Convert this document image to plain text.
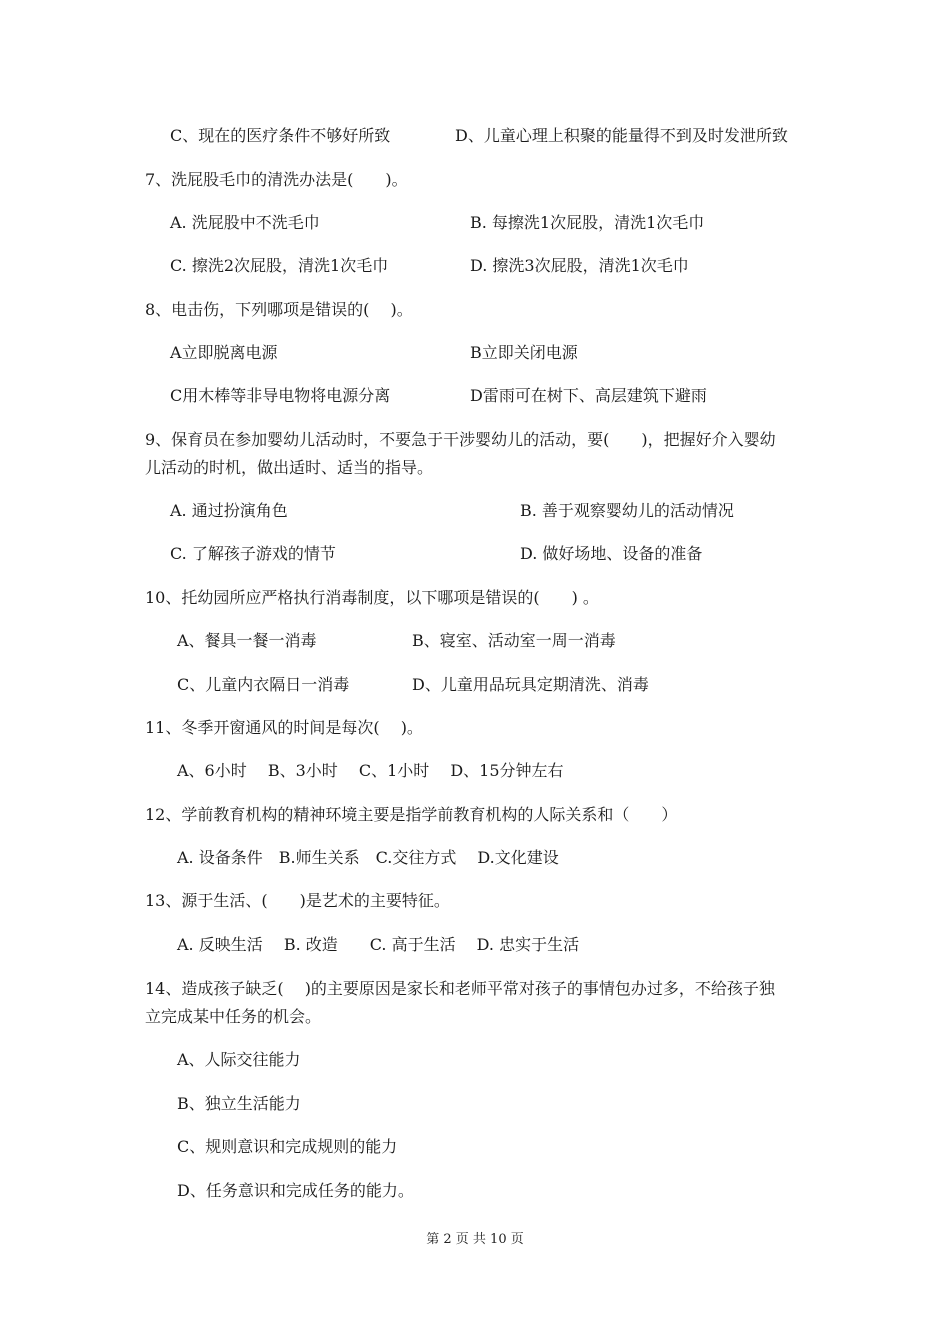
C、现在的医疗条件不够好所致	D、儿童心理上积聚的能量得不到及时发泄所致
7、洗屁股毛巾的清洗办法是(　　)。
A. 洗屁股中不洗毛巾	B. 每擦洗1次屁股，清洗1次毛巾
C. 擦洗2次屁股，清洗1次毛巾	D. 擦洗3次屁股，清洗1次毛巾
8、电击伤，下列哪项是错误的(　 )。
A立即脱离电源	B立即关闭电源
C用木棒等非导电物将电源分离	D雷雨可在树下、高层建筑下避雨
9、保育员在参加婴幼儿活动时，不要急于干涉婴幼儿的活动，要(　　)，把握好介入婴幼
儿活动的时机，做出适时、适当的指导。
A. 通过扮演角色	B. 善于观察婴幼儿的活动情况
C. 了解孩子游戏的情节	D. 做好场地、设备的准备
10、托幼园所应严格执行消毒制度，以下哪项是错误的(　　) 。
A、餐具一餐一消毒	B、寝室、活动室一周一消毒
C、儿童内衣隔日一消毒	D、儿童用品玩具定期清洗、消毒
11、冬季开窗通风的时间是每次(　 )。
A、6小时　 B、3小时　 C、1小时　 D、15分钟左右
12、学前教育机构的精神环境主要是指学前教育机构的人际关系和（　　）
A. 设备条件　B.师生关系　C.交往方式　 D.文化建设
13、源于生活、(　　)是艺术的主要特征。
A. 反映生活　 B. 改造　　C. 高于生活　 D. 忠实于生活
14、造成孩子缺乏(　 )的主要原因是家长和老师平常对孩子的事情包办过多，不给孩子独
立完成某中任务的机会。
A、人际交往能力
B、独立生活能力
C、规则意识和完成规则的能力
D、任务意识和完成任务的能力。
第 2 页 共 10 页
